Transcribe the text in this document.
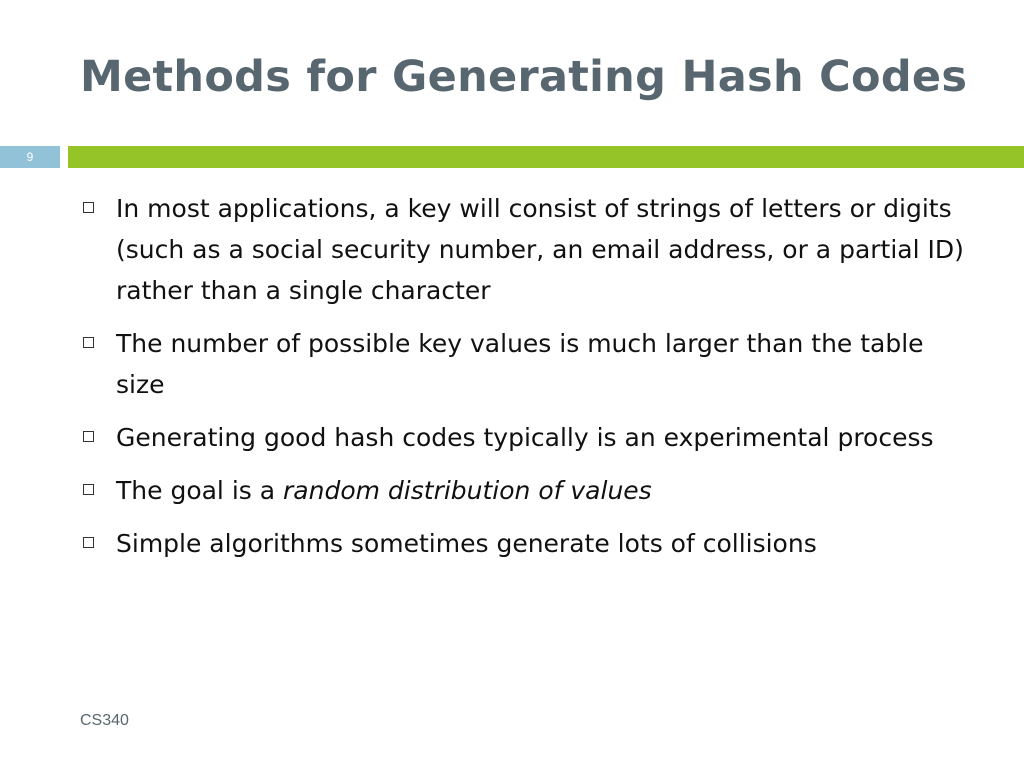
Methods for Generating Hash Codes
9
In most applications, a key will consist of strings of letters or digits (such as a social security number, an email address, or a partial ID) rather than a single character
The number of possible key values is much larger than the table size
Generating good hash codes typically is an experimental process
The goal is a random distribution of values
Simple algorithms sometimes generate lots of collisions
CS340
